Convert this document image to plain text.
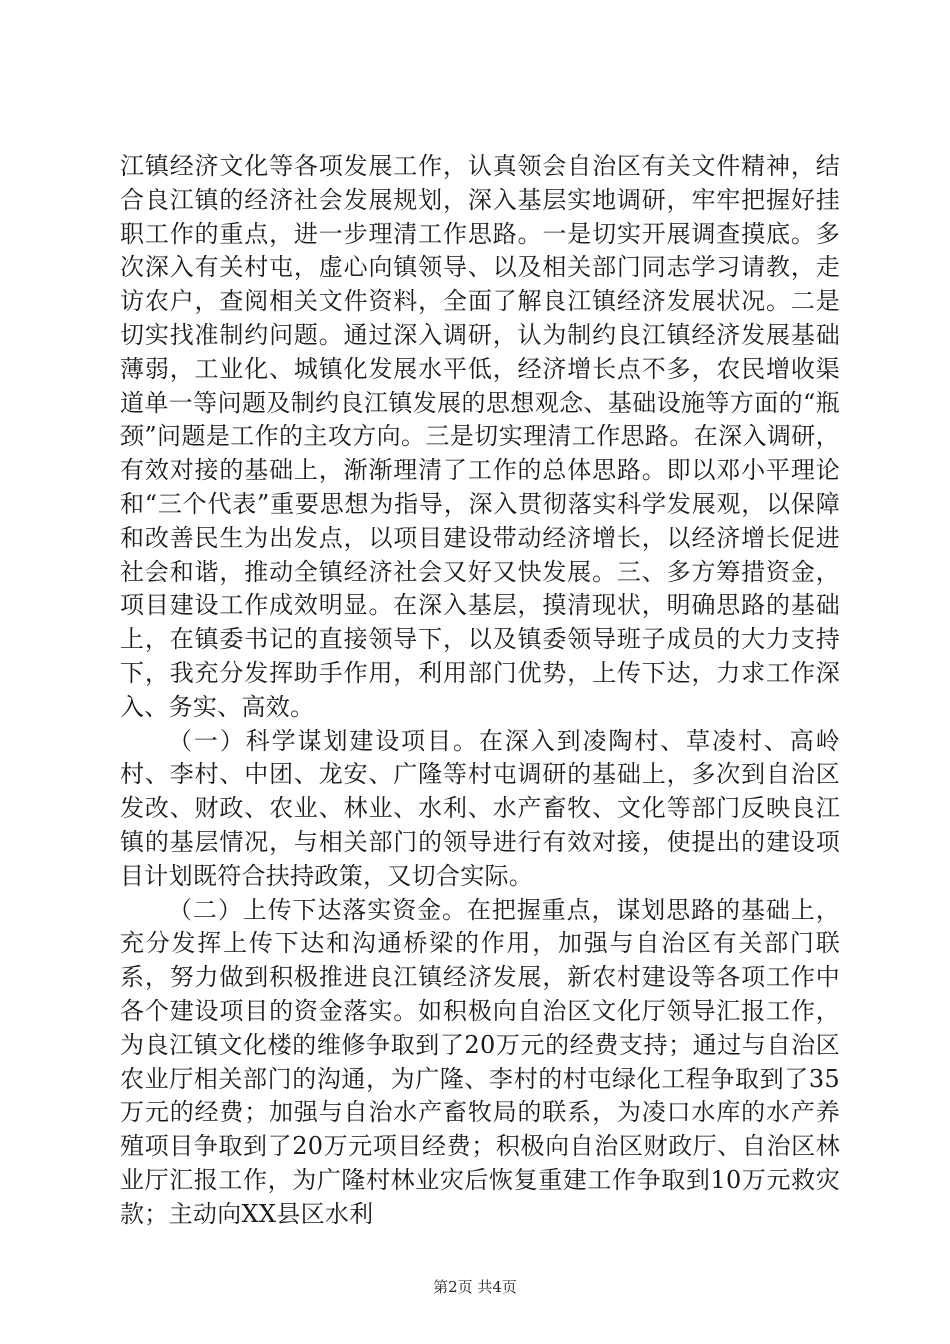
江镇经济文化等各项发展工作，认真领会自治区有关文件精神，结合良江镇的经济社会发展规划，深入基层实地调研，牢牢把握好挂职工作的重点，进一步理清工作思路。一是切实开展调查摸底。多次深入有关村屯，虚心向镇领导、以及相关部门同志学习请教，走访农户，查阅相关文件资料，全面了解良江镇经济发展状况。二是切实找准制约问题。通过深入调研，认为制约良江镇经济发展基础薄弱，工业化、城镇化发展水平低，经济增长点不多，农民增收渠道单一等问题及制约良江镇发展的思想观念、基础设施等方面的“瓶颈”问题是工作的主攻方向。三是切实理清工作思路。在深入调研，有效对接的基础上，渐渐理清了工作的总体思路。即以邓小平理论和“三个代表”重要思想为指导，深入贯彻落实科学发展观，以保障和改善民生为出发点，以项目建设带动经济增长，以经济增长促进社会和谐，推动全镇经济社会又好又快发展。三、多方筹措资金，项目建设工作成效明显。在深入基层，摸清现状，明确思路的基础上，在镇委书记的直接领导下，以及镇委领导班子成员的大力支持下，我充分发挥助手作用，利用部门优势，上传下达，力求工作深入、务实、高效。

（一）科学谋划建设项目。在深入到凌陶村、草凌村、高岭村、李村、中团、龙安、广隆等村屯调研的基础上，多次到自治区发改、财政、农业、林业、水利、水产畜牧、文化等部门反映良江镇的基层情况，与相关部门的领导进行有效对接，使提出的建设项目计划既符合扶持政策，又切合实际。

（二）上传下达落实资金。在把握重点，谋划思路的基础上，充分发挥上传下达和沟通桥梁的作用，加强与自治区有关部门联系，努力做到积极推进良江镇经济发展，新农村建设等各项工作中各个建设项目的资金落实。如积极向自治区文化厅领导汇报工作，为良江镇文化楼的维修争取到了20万元的经费支持；通过与自治区农业厅相关部门的沟通，为广隆、李村的村屯绿化工程争取到了35万元的经费；加强与自治水产畜牧局的联系，为凌口水库的水产养殖项目争取到了20万元项目经费；积极向自治区财政厅、自治区林业厅汇报工作，为广隆村林业灾后恢复重建工作争取到10万元救灾款；主动向XX县区水利

第2页 共4页
